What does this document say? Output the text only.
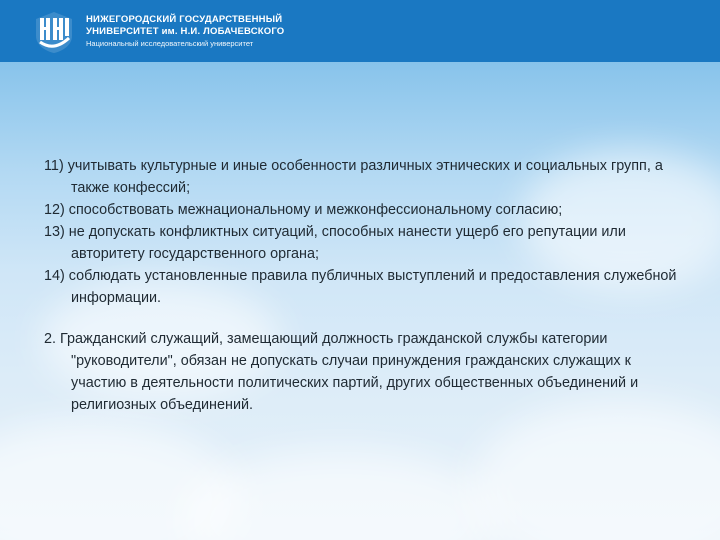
НИЖЕГОРОДСКИЙ ГОСУДАРСТВЕННЫЙ
УНИВЕРСИТЕТ им. Н.И. ЛОБАЧЕВСКОГО
Национальный исследовательский университет

11) учитывать культурные и иные особенности различных этнических и социальных групп, а также конфессий;

12) способствовать межнациональному и межконфессиональному согласию;

13) не допускать конфликтных ситуаций, способных нанести ущерб его репутации или авторитету государственного органа;

14) соблюдать установленные правила публичных выступлений и предоставления служебной информации.

2. Гражданский служащий, замещающий должность гражданской службы категории "руководители", обязан не допускать случаи принуждения гражданских служащих к участию в деятельности политических партий, других общественных объединений и религиозных объединений.
